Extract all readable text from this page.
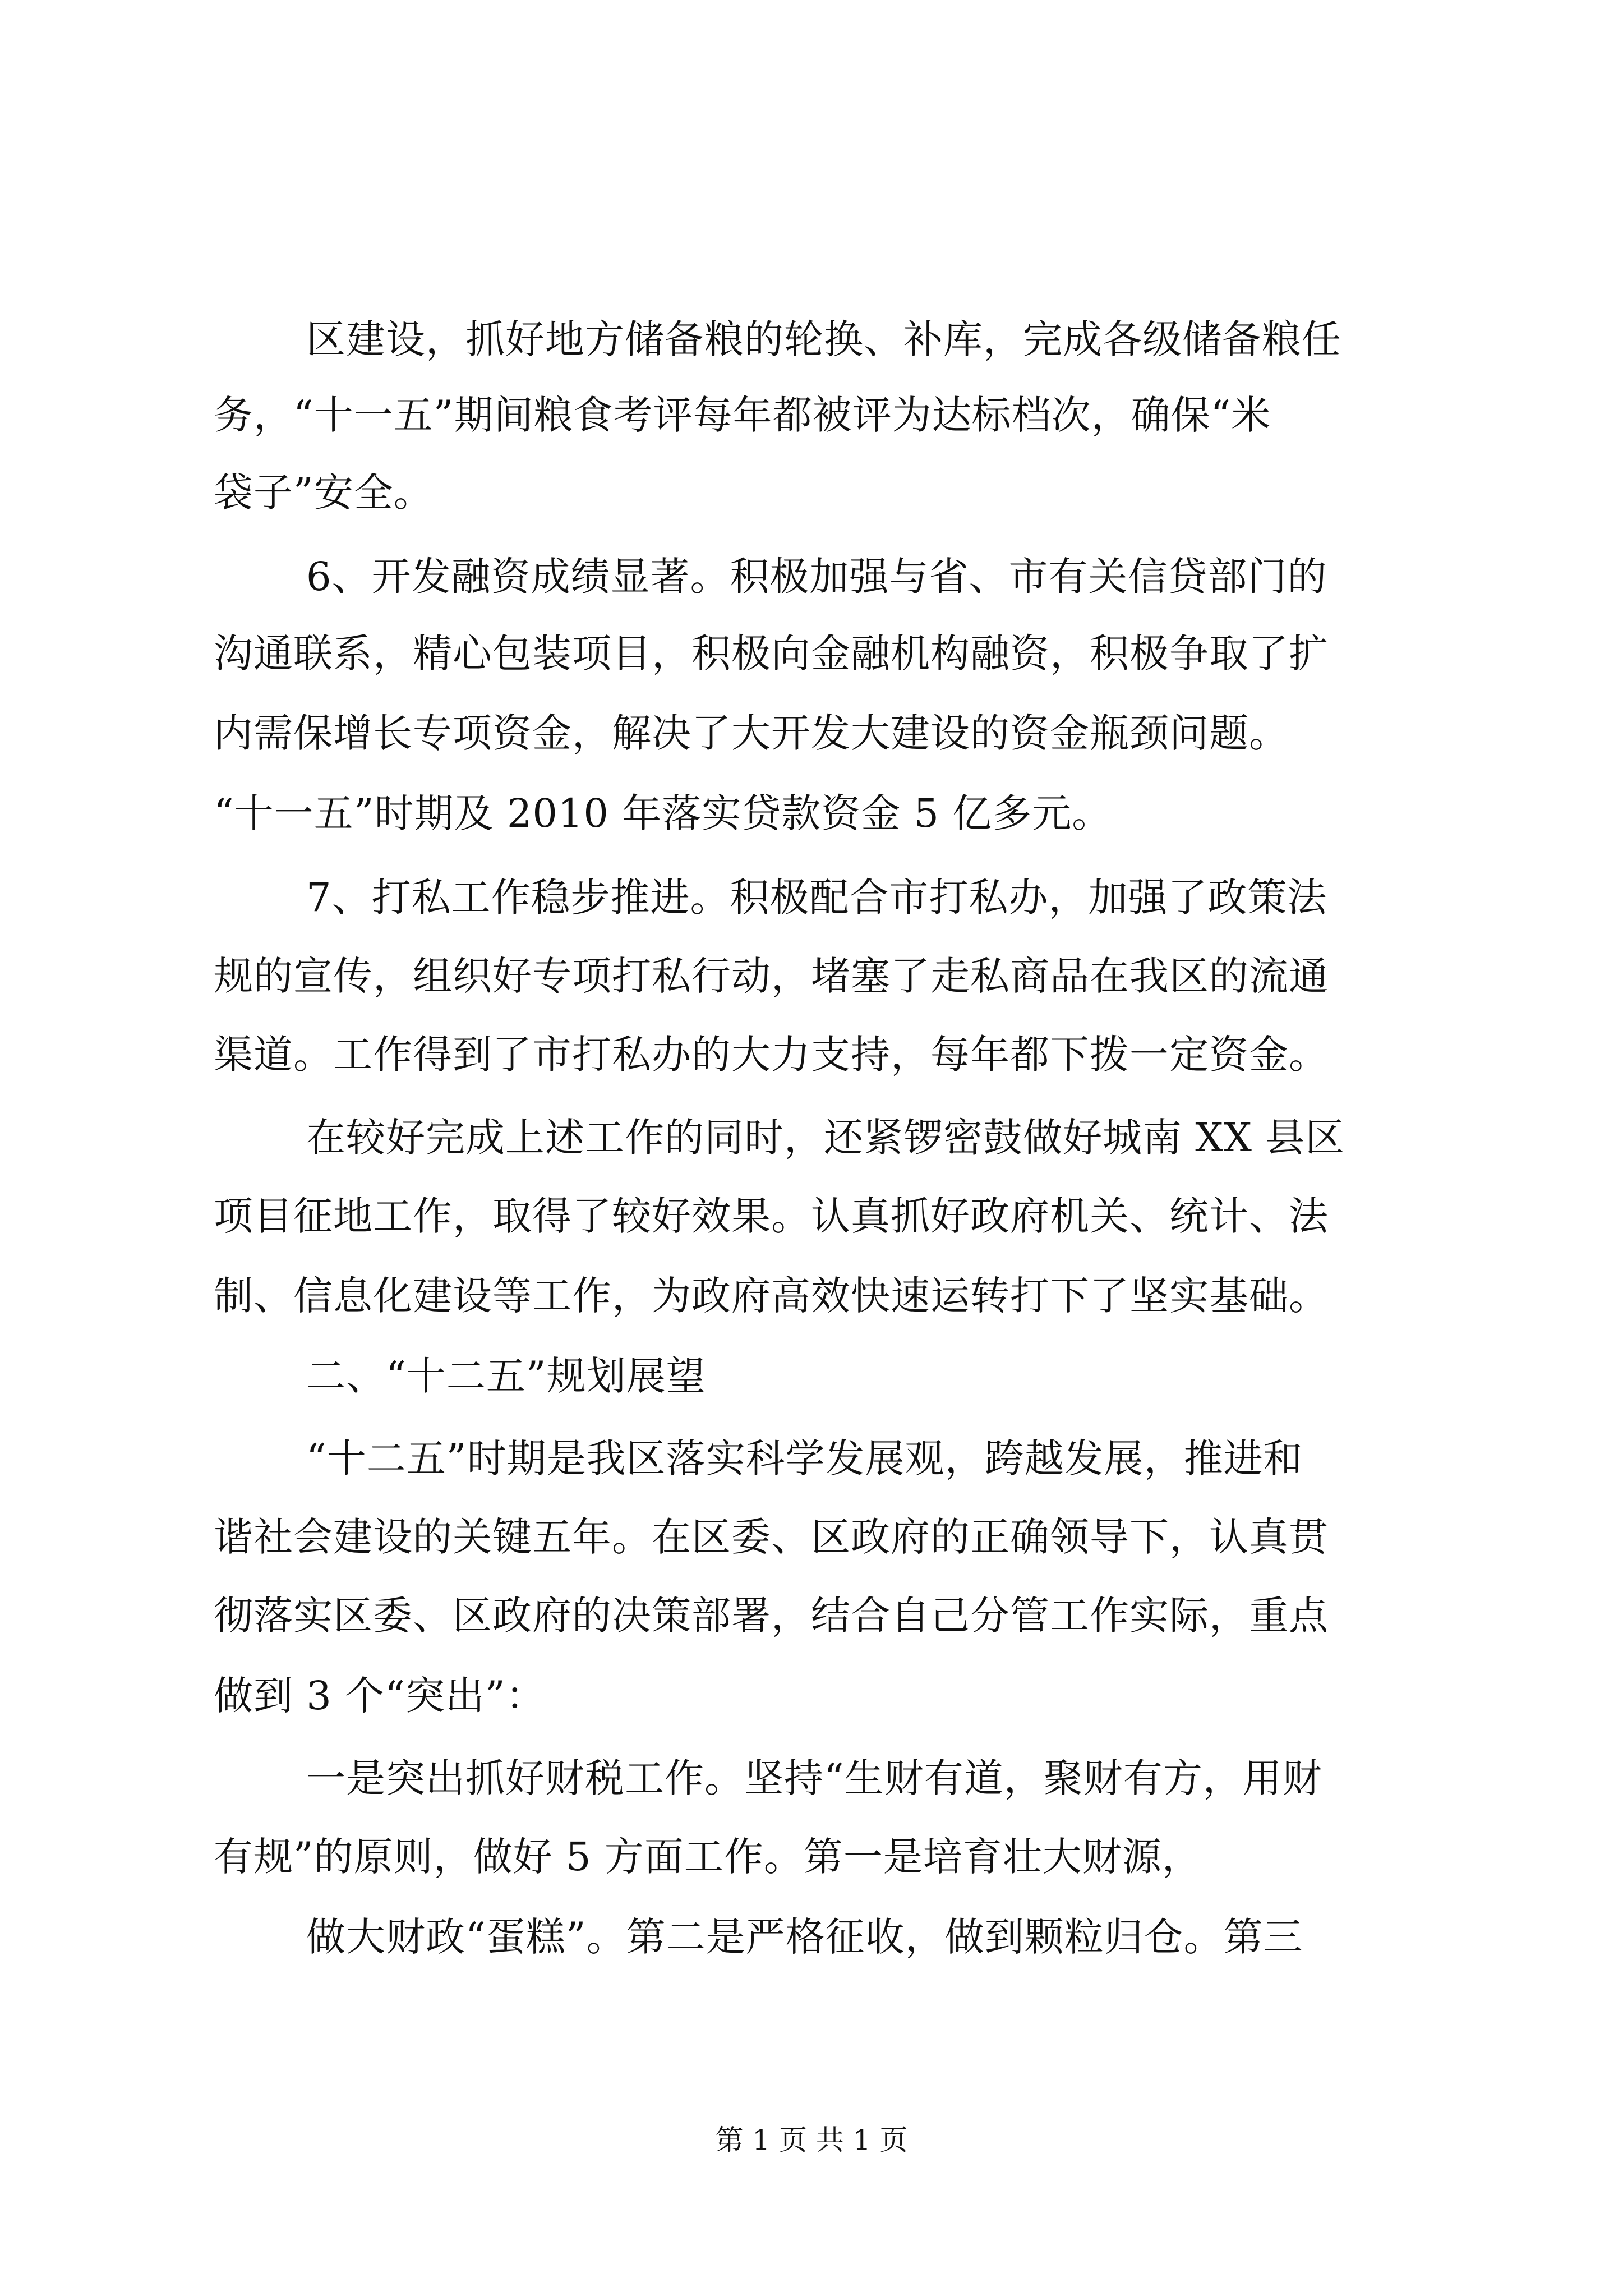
区建设，抓好地方储备粮的轮换、补库，完成各级储备粮任
务，“十一五”期间粮食考评每年都被评为达标档次，确保“米
袋子”安全。
6、开发融资成绩显著。积极加强与省、市有关信贷部门的
沟通联系，精心包装项目，积极向金融机构融资，积极争取了扩
内需保增长专项资金，解决了大开发大建设的资金瓶颈问题。
“十一五”时期及 2010 年落实贷款资金 5 亿多元。
7、打私工作稳步推进。积极配合市打私办，加强了政策法
规的宣传，组织好专项打私行动，堵塞了走私商品在我区的流通
渠道。工作得到了市打私办的大力支持，每年都下拨一定资金。
在较好完成上述工作的同时，还紧锣密鼓做好城南 XX 县区
项目征地工作，取得了较好效果。认真抓好政府机关、统计、法
制、信息化建设等工作，为政府高效快速运转打下了坚实基础。
二、“十二五”规划展望
“十二五”时期是我区落实科学发展观，跨越发展，推进和
谐社会建设的关键五年。在区委、区政府的正确领导下，认真贯
彻落实区委、区政府的决策部署，结合自己分管工作实际，重点
做到 3 个“突出”：
一是突出抓好财税工作。坚持“生财有道，聚财有方，用财
有规”的原则，做好 5 方面工作。第一是培育壮大财源，
做大财政“蛋糕”。第二是严格征收，做到颗粒归仓。第三
第 1 页 共 1 页
